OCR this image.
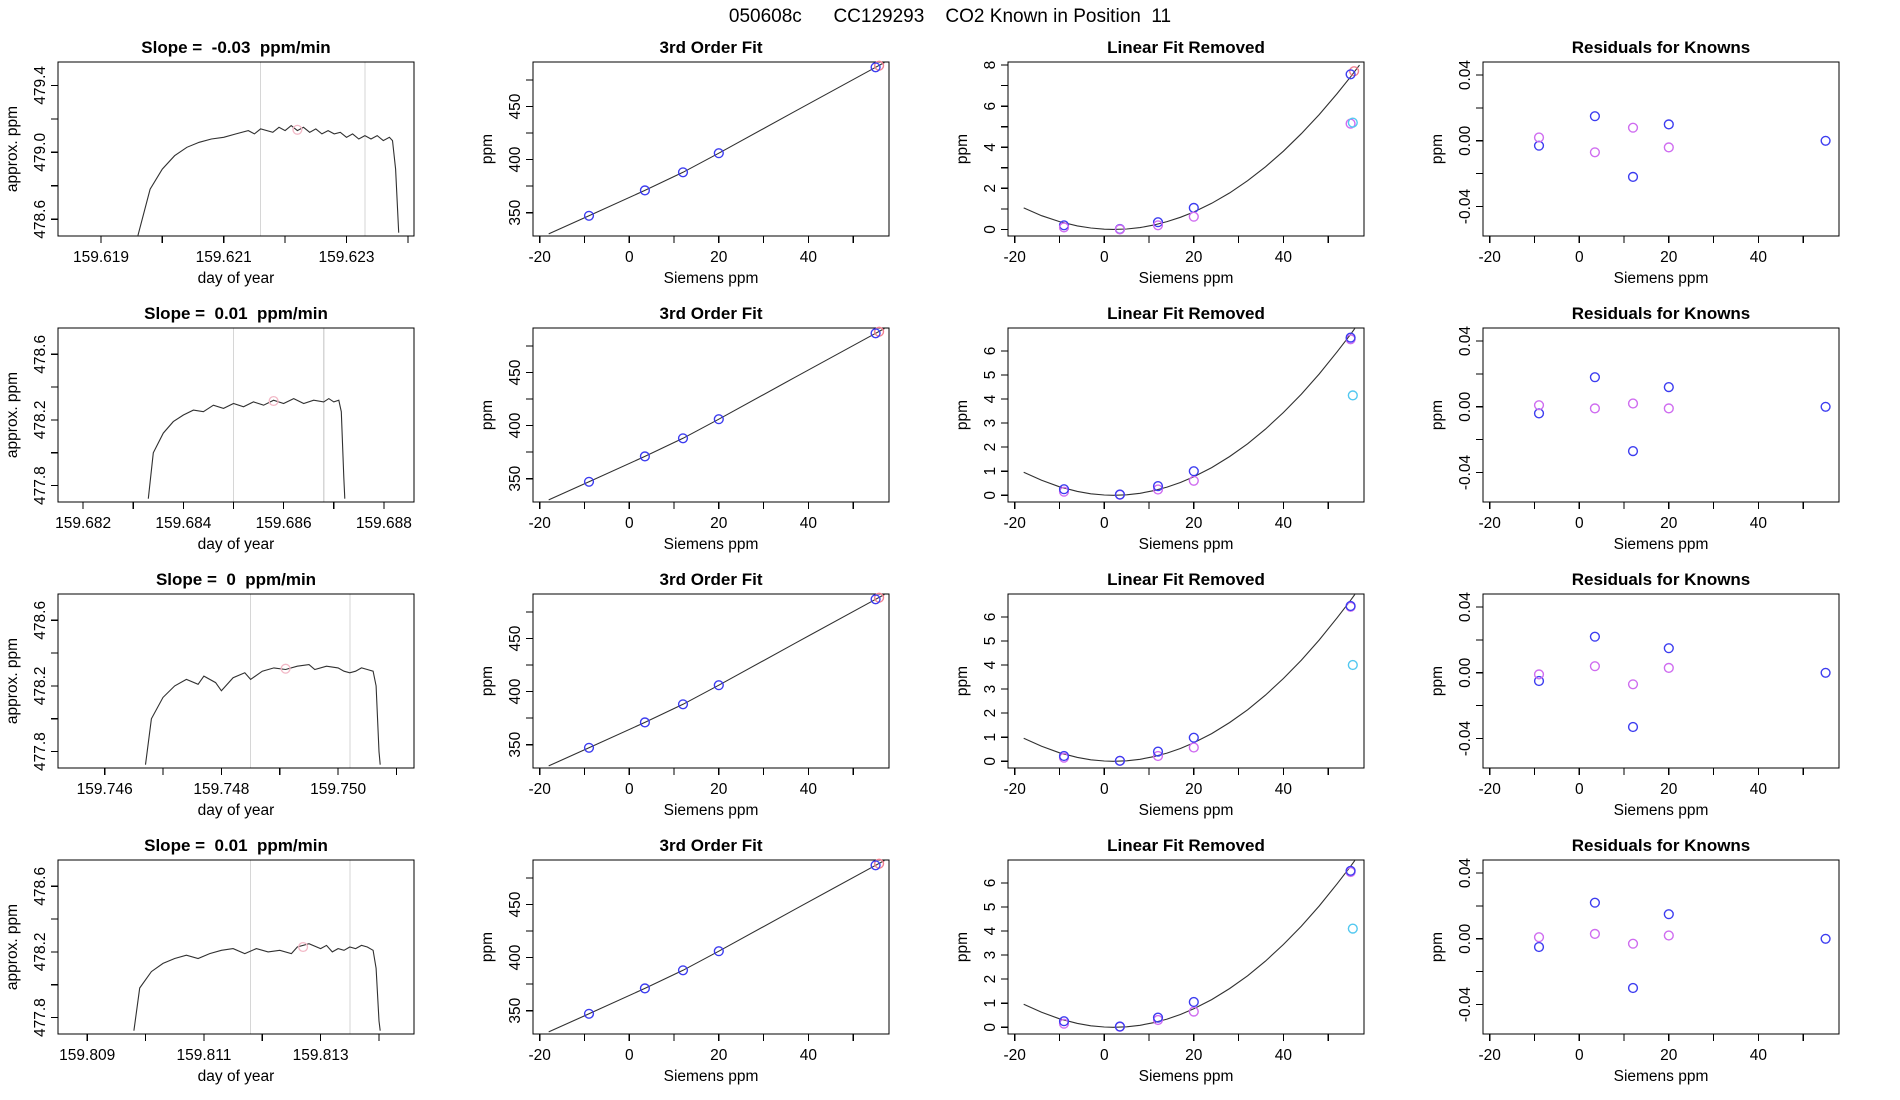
050608c      CC129293    CO2 Known in Position  11
159.619	159.621	159.623
478.6
479.0
479.4
Slope =  -0.03  ppm/min
day of year
approx. ppm
-20	0	20	40
350
400
450
3rd Order Fit
Siemens ppm
ppm
-20	0	20	40
0
2
4
6
8
Linear Fit Removed
Siemens ppm
ppm
-20	0	20	40
-0.04
0.00
0.04
Residuals for Knowns
Siemens ppm
ppm
159.682	159.684	159.686	159.688
477.8
478.2
478.6
Slope =  0.01  ppm/min
day of year
approx. ppm
-20	0	20	40
350
400
450
3rd Order Fit
Siemens ppm
ppm
-20	0	20	40
0
1
2
3
4
5
6
Linear Fit Removed
Siemens ppm
ppm
-20	0	20	40
-0.04
0.00
0.04
Residuals for Knowns
Siemens ppm
ppm
159.746	159.748	159.750
477.8
478.2
478.6
Slope =  0  ppm/min
day of year
approx. ppm
-20	0	20	40
350
400
450
3rd Order Fit
Siemens ppm
ppm
-20	0	20	40
0
1
2
3
4
5
6
Linear Fit Removed
Siemens ppm
ppm
-20	0	20	40
-0.04
0.00
0.04
Residuals for Knowns
Siemens ppm
ppm
159.809	159.811	159.813
477.8
478.2
478.6
Slope =  0.01  ppm/min
day of year
approx. ppm
-20	0	20	40
350
400
450
3rd Order Fit
Siemens ppm
ppm
-20	0	20	40
0
1
2
3
4
5
6
Linear Fit Removed
Siemens ppm
ppm
-20	0	20	40
-0.04
0.00
0.04
Residuals for Knowns
Siemens ppm
ppm
